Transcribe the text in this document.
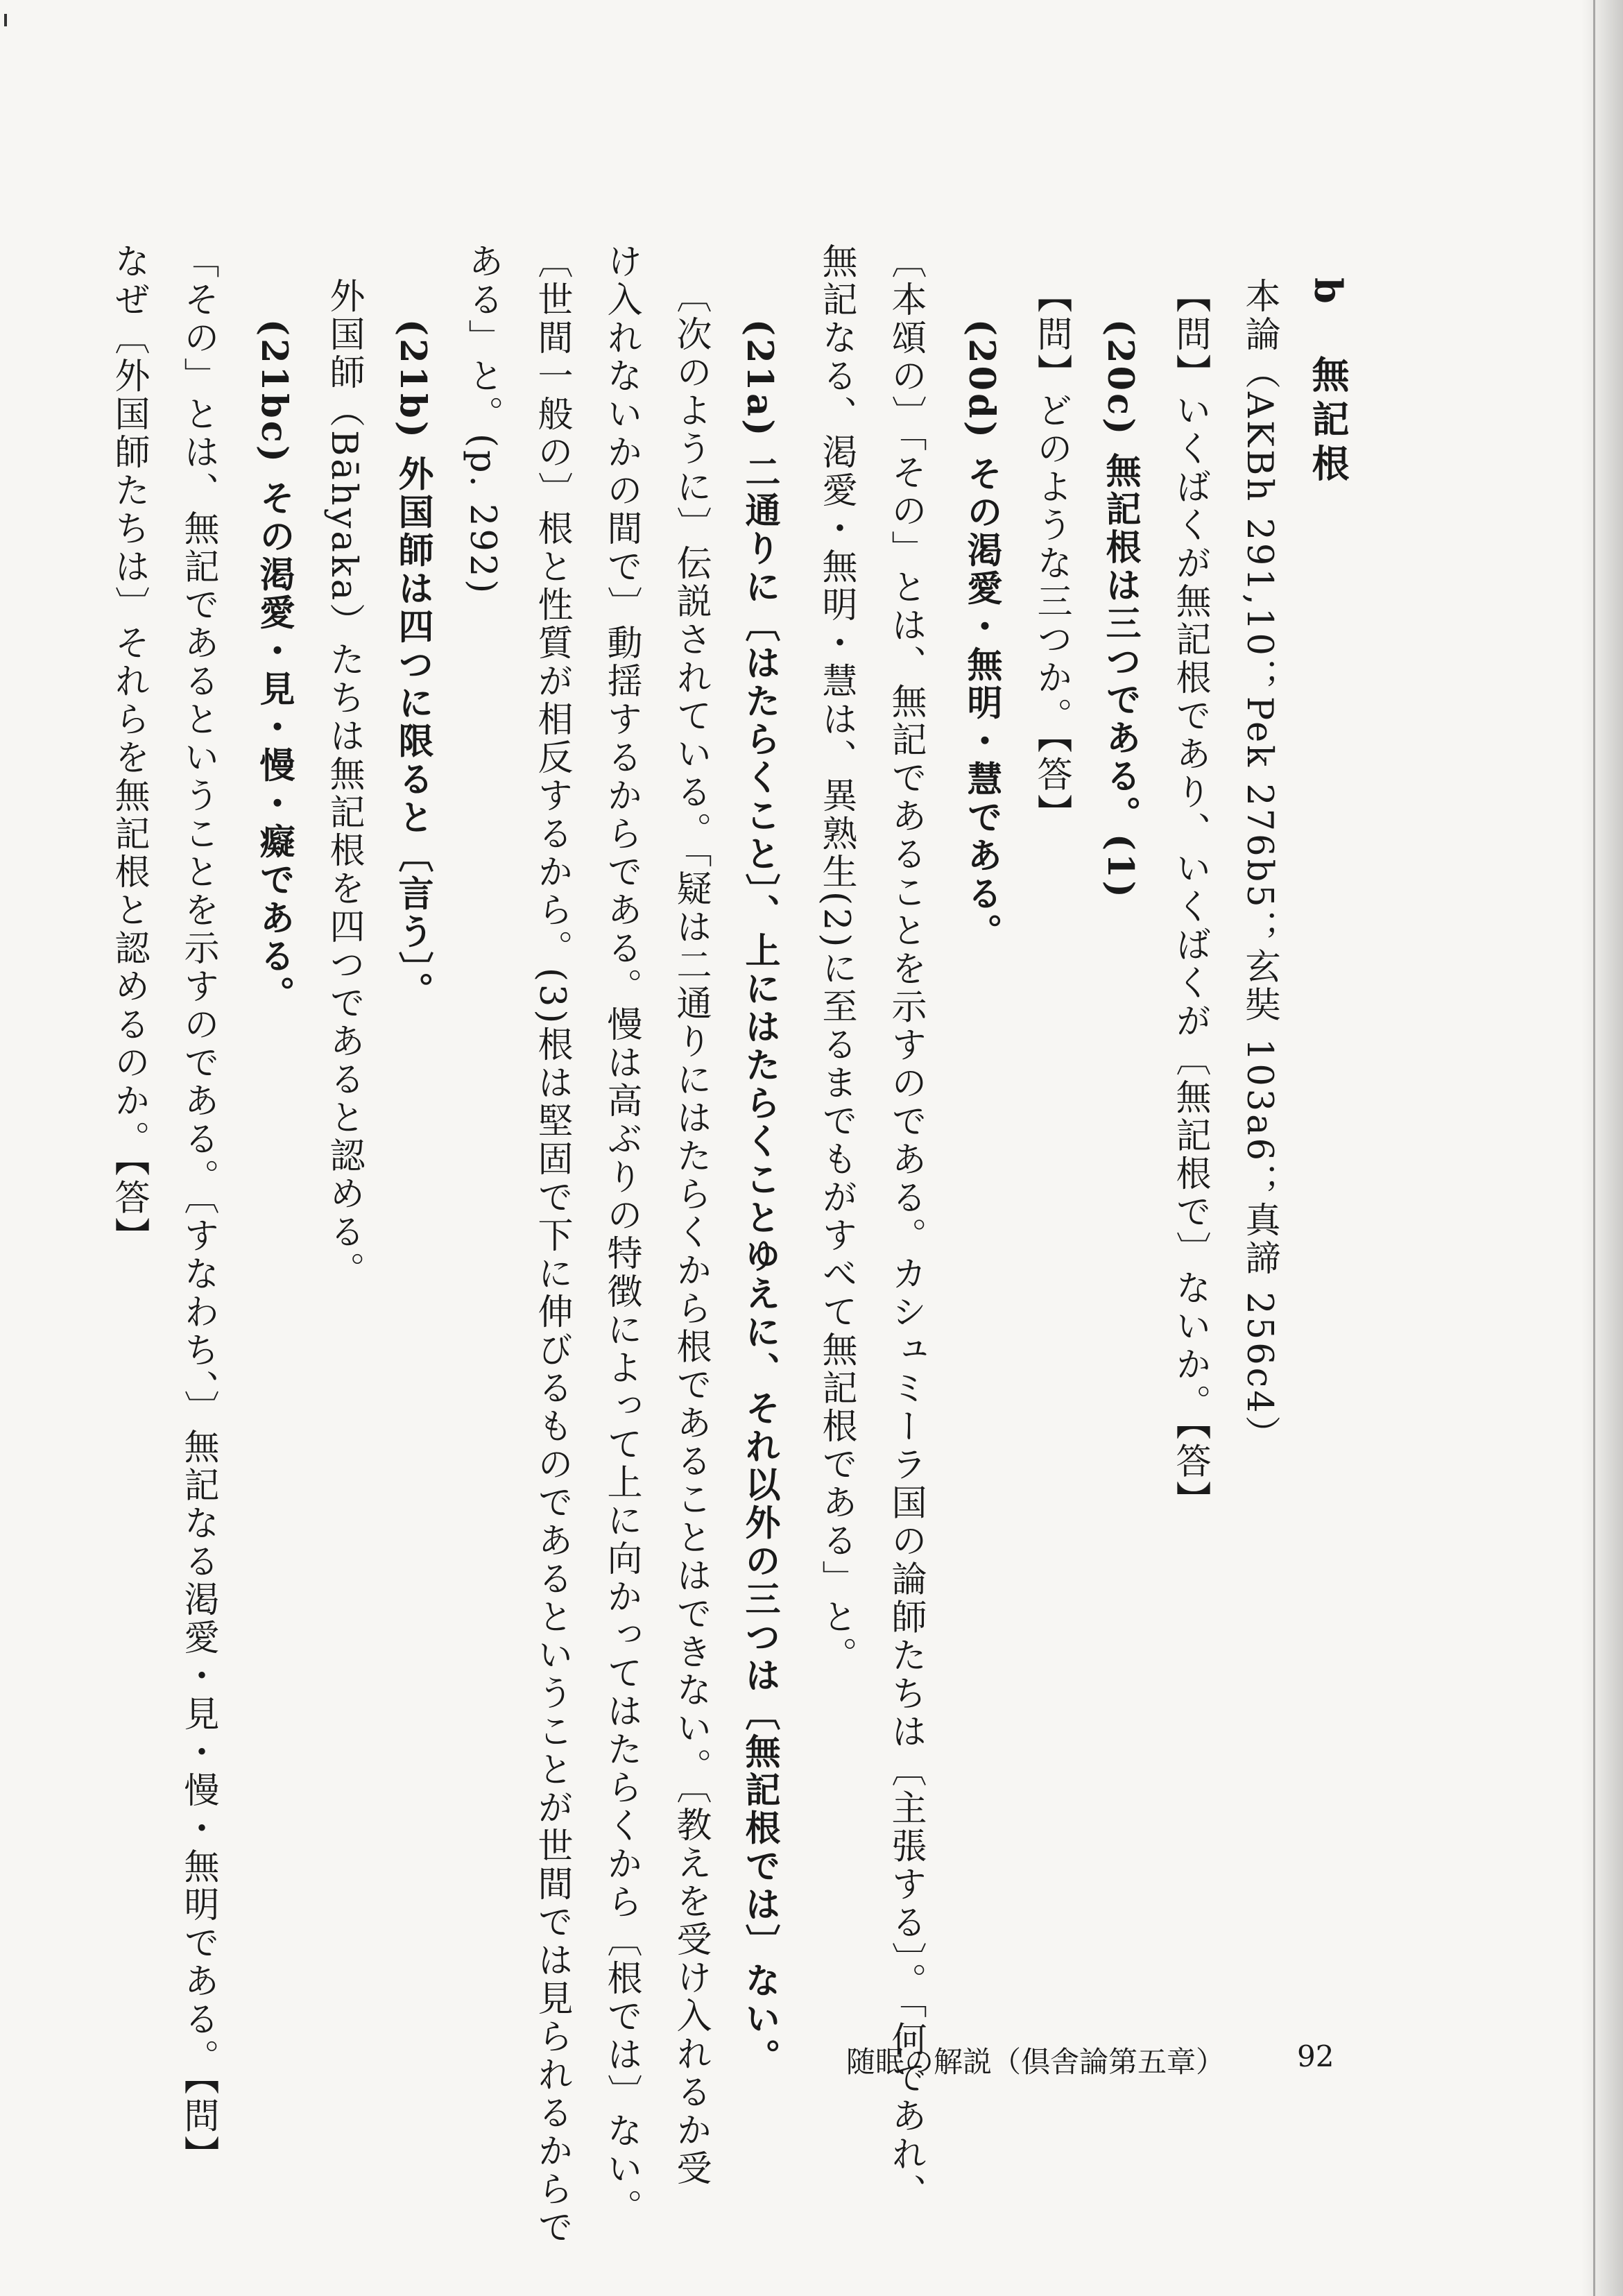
b　無記根
本論（AKBh 291,10；Pek 276b5；玄奘 103a6；真諦 256c4）
【問】いくばくが無記根であり、いくばくが〔無記根で〕ないか。【答】
(20c) 無記根は三つである。(1)
【問】どのような三つか。【答】
(20d) その渇愛・無明・慧である。
〔本頌の〕「その」とは、無記であることを示すのである。カシュミーラ国の論師たちは〔主張する〕。「何であれ、
無記なる、渇愛・無明・慧は、異熟生(2)に至るまでもがすべて無記根である」と。
(21a) 二通りに〔はたらくこと〕、上にはたらくことゆえに、それ以外の三つは〔無記根では〕ない。
〔次のように〕伝説されている。「疑は二通りにはたらくから根であることはできない。〔教えを受け入れるか受
け入れないかの間で〕動揺するからである。慢は高ぶりの特徴によって上に向かってはたらくから〔根では〕ない。
〔世間一般の〕根と性質が相反するから。(3)根は堅固で下に伸びるものであるということが世間では見られるからで
ある」と。(p. 292)
(21b) 外国師は四つに限ると〔言う〕。
外国師（Bāhyaka）たちは無記根を四つであると認める。
(21bc) その渇愛・見・慢・癡である。
「その」とは、無記であるということを示すのである。〔すなわち、〕無記なる渇愛・見・慢・無明である。【問】
なぜ〔外国師たちは〕それらを無記根と認めるのか。【答】
随眠の解説（倶舎論第五章） 92
